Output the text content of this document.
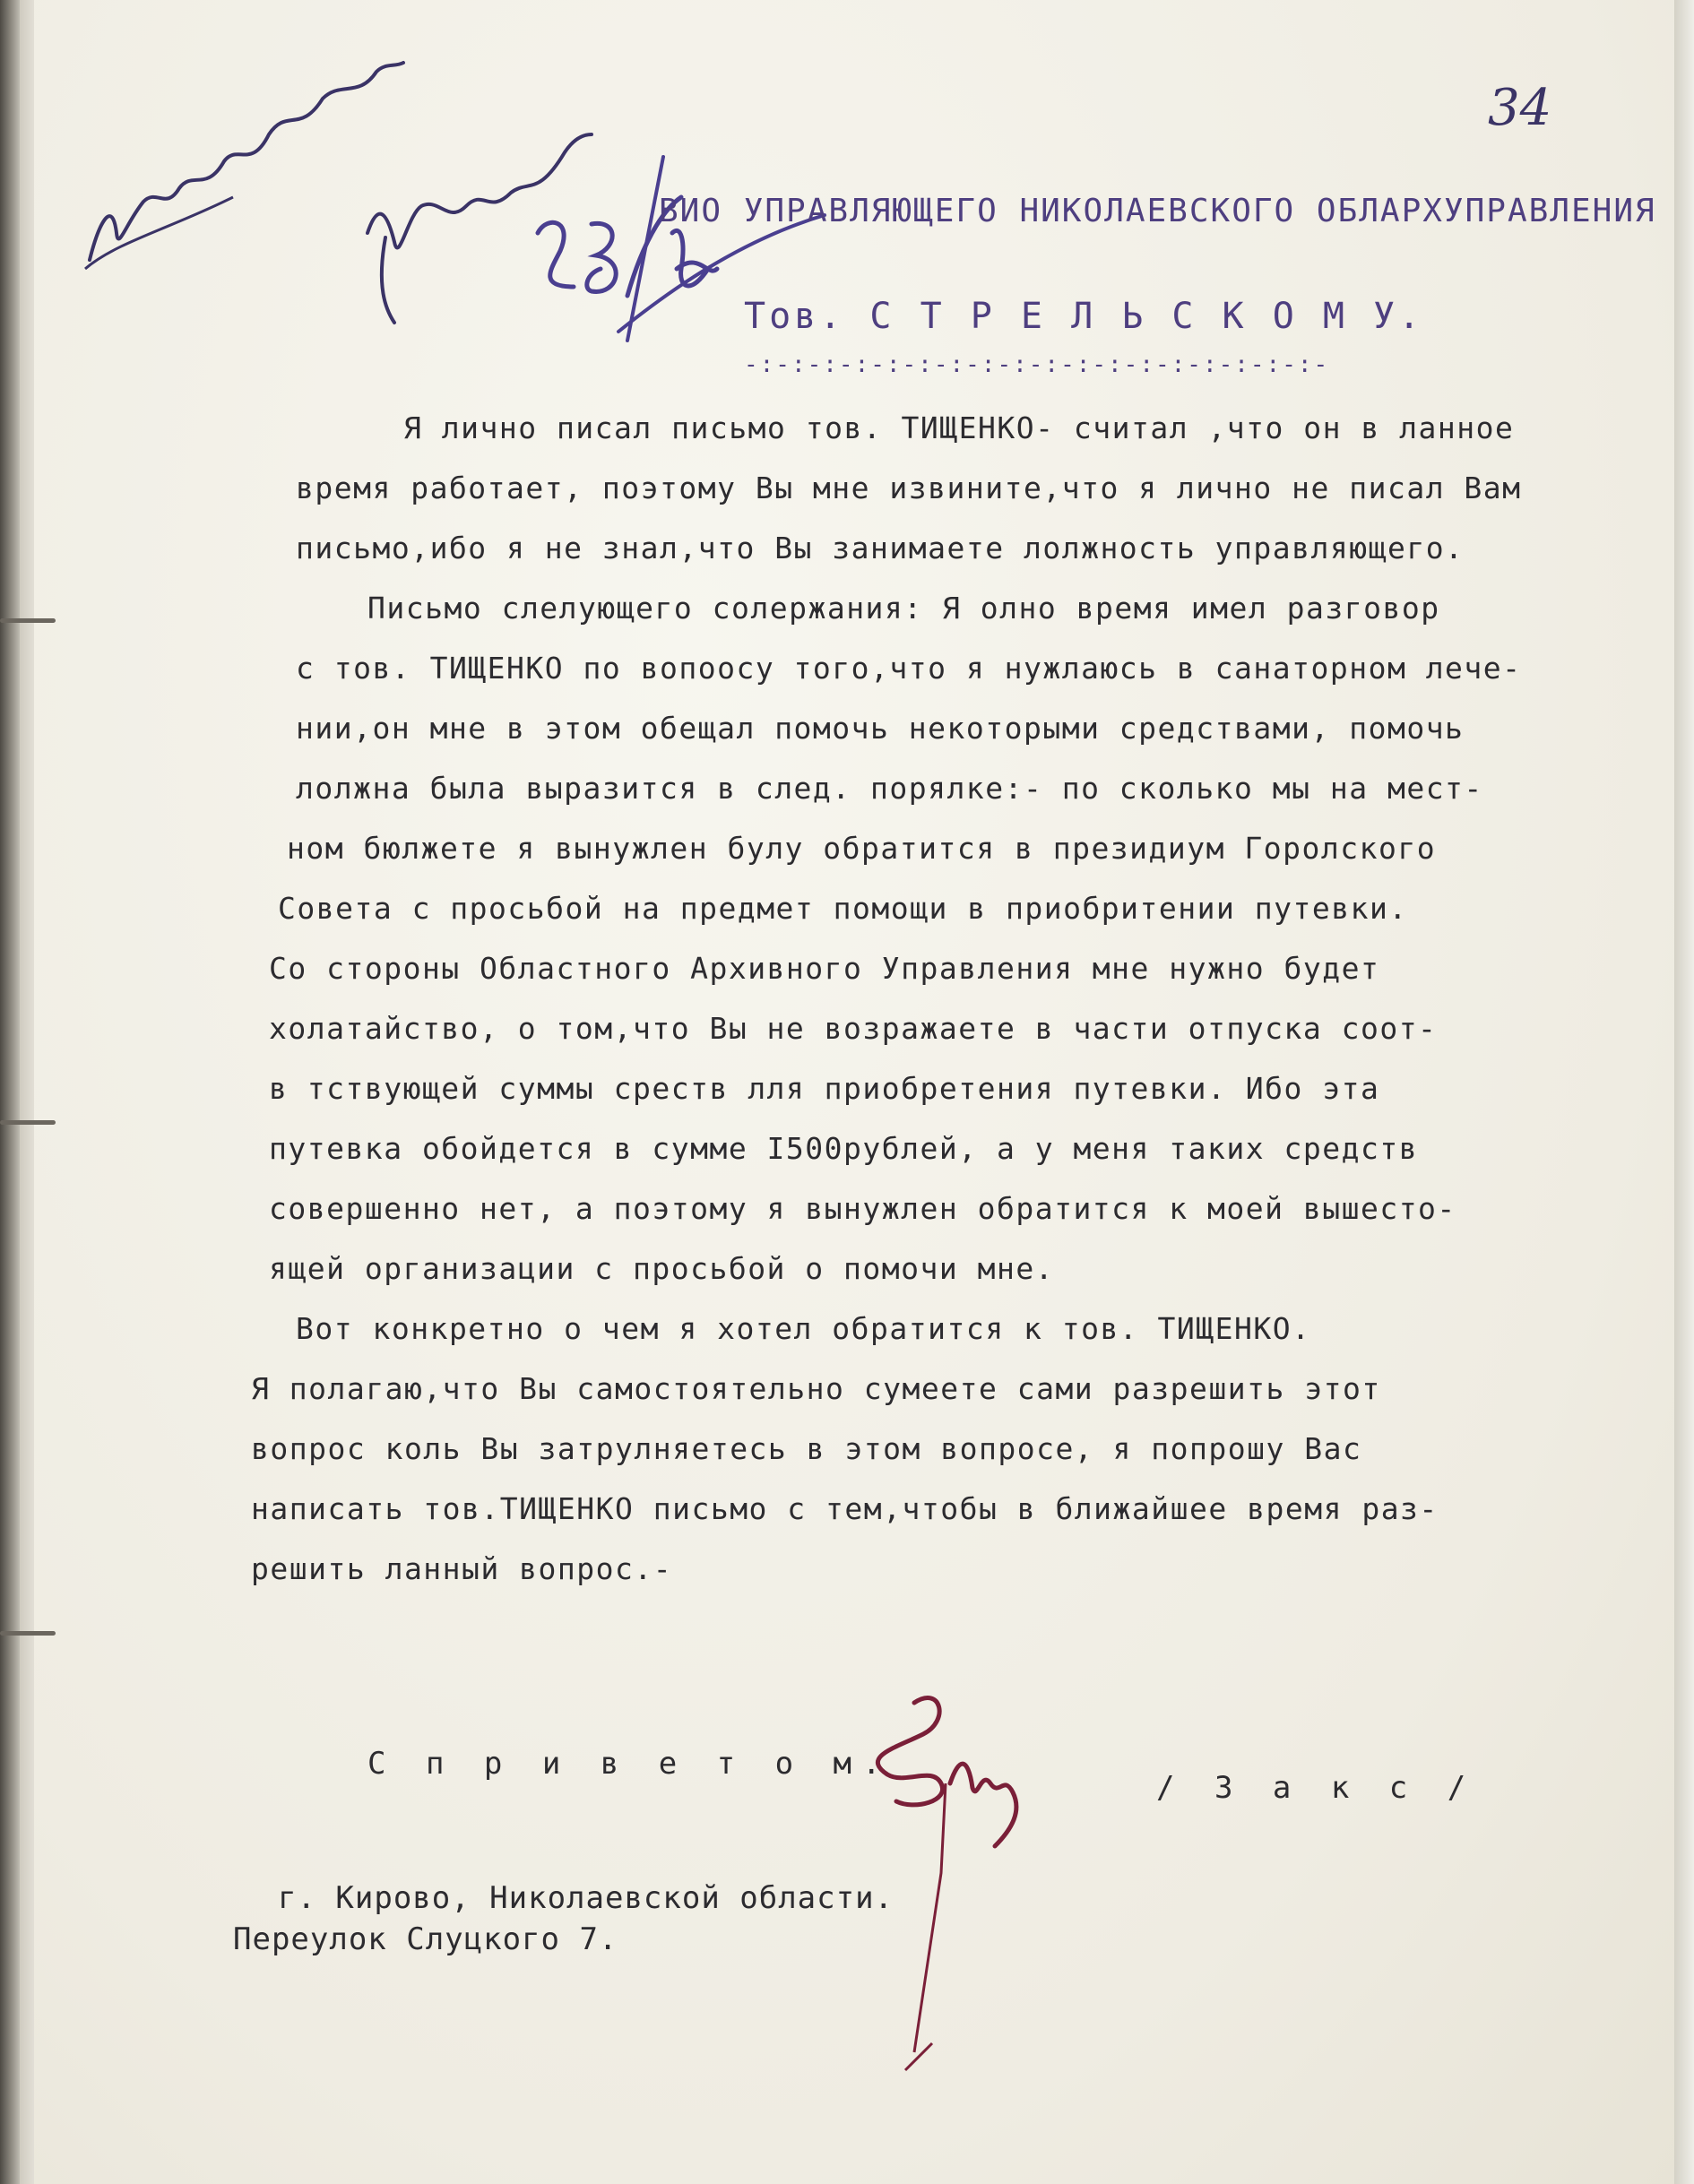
34
ВИО УПРАВЛЯЮЩЕГО НИКОЛАЕВСКОГО ОБЛАРХУПРАВЛЕНИЯ
Тов. С Т Р Е Л Ь С К О М У.
-:-:-:-:-:-:-:-:-:-:-:-:-:-:-:-:-:-:-
Я лично писал письмо тов. ТИЩЕНКО- считал ,что он в ланное
время работает, поэтому Вы мне извините,что я лично не писал Вам
письмо,ибо я не знал,что Вы занимаете лолжность управляющего.
Письмо слелующего солержания: Я олно время имел разговор
с тов. ТИЩЕНКО по вопоосу того,что я нужлаюсь в санаторном лече-
нии,он мне в этом обещал помочь некоторыми средствами, помочь
лолжна была выразится в след. порялке:- по сколько мы на мест-
ном бюлжете я вынужлен булу обратится в президиум Горолского
Совета с просьбой на предмет помощи в приобритении путевки.
Со стороны Областного Архивного Управления мне нужно будет
холатайство, о том,что Вы не возражаете в части отпуска соот-
в тствующей суммы среств лля приобретения путевки. Ибо эта
путевка обойдется в сумме I500рублей, а у меня таких средств
совершенно нет, а поэтому я вынужлен обратится к моей вышесто-
ящей организации с просьбой о помочи мне.
Вот конкретно о чем я хотел обратится к тов. ТИЩЕНКО.
Я полагаю,что Вы самостоятельно сумеете сами разрешить этот
вопрос коль Вы затрулняетесь в этом вопросе, я попрошу Вас
написать тов.ТИЩЕНКО письмо с тем,чтобы в ближайшее время раз-
решить ланный вопрос.-
С п р и в е т о м.
/ З а к с /
г. Кирово, Николаевской области.
Переулок Слуцкого 7.
